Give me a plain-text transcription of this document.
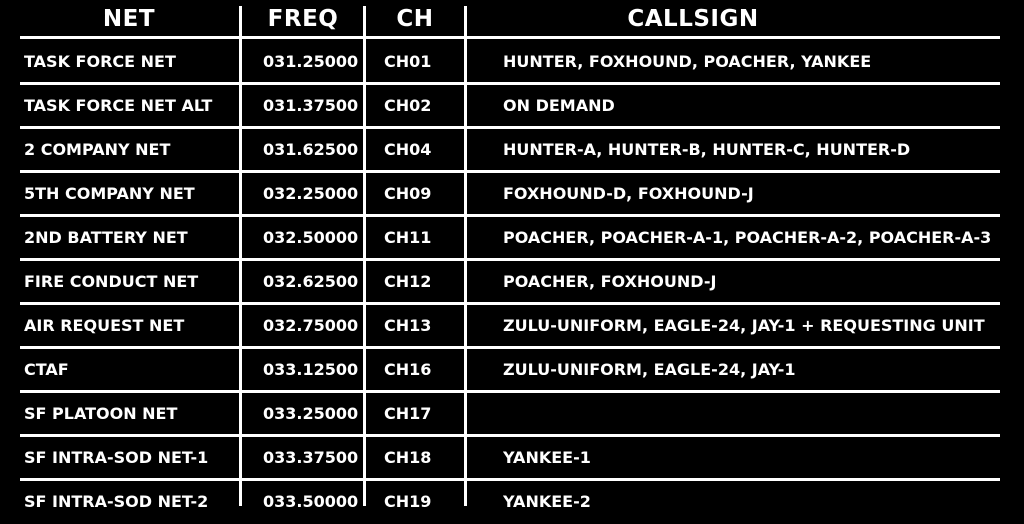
NET	FREQ	CH	CALLSIGN
TASK FORCE NET	031.25000	CH01	HUNTER, FOXHOUND, POACHER, YANKEE
TASK FORCE NET ALT	031.37500	CH02	ON DEMAND
2 COMPANY NET	031.62500	CH04	HUNTER-A, HUNTER-B, HUNTER-C, HUNTER-D
5TH COMPANY NET	032.25000	CH09	FOXHOUND-D, FOXHOUND-J
2ND BATTERY NET	032.50000	CH11	POACHER, POACHER-A-1, POACHER-A-2, POACHER-A-3
FIRE CONDUCT NET	032.62500	CH12	POACHER, FOXHOUND-J
AIR REQUEST NET	032.75000	CH13	ZULU-UNIFORM, EAGLE-24, JAY-1 + REQUESTING UNIT
CTAF	033.12500	CH16	ZULU-UNIFORM, EAGLE-24, JAY-1
SF PLATOON NET	033.25000	CH17
SF INTRA-SOD NET-1	033.37500	CH18	YANKEE-1
SF INTRA-SOD NET-2	033.50000	CH19	YANKEE-2
